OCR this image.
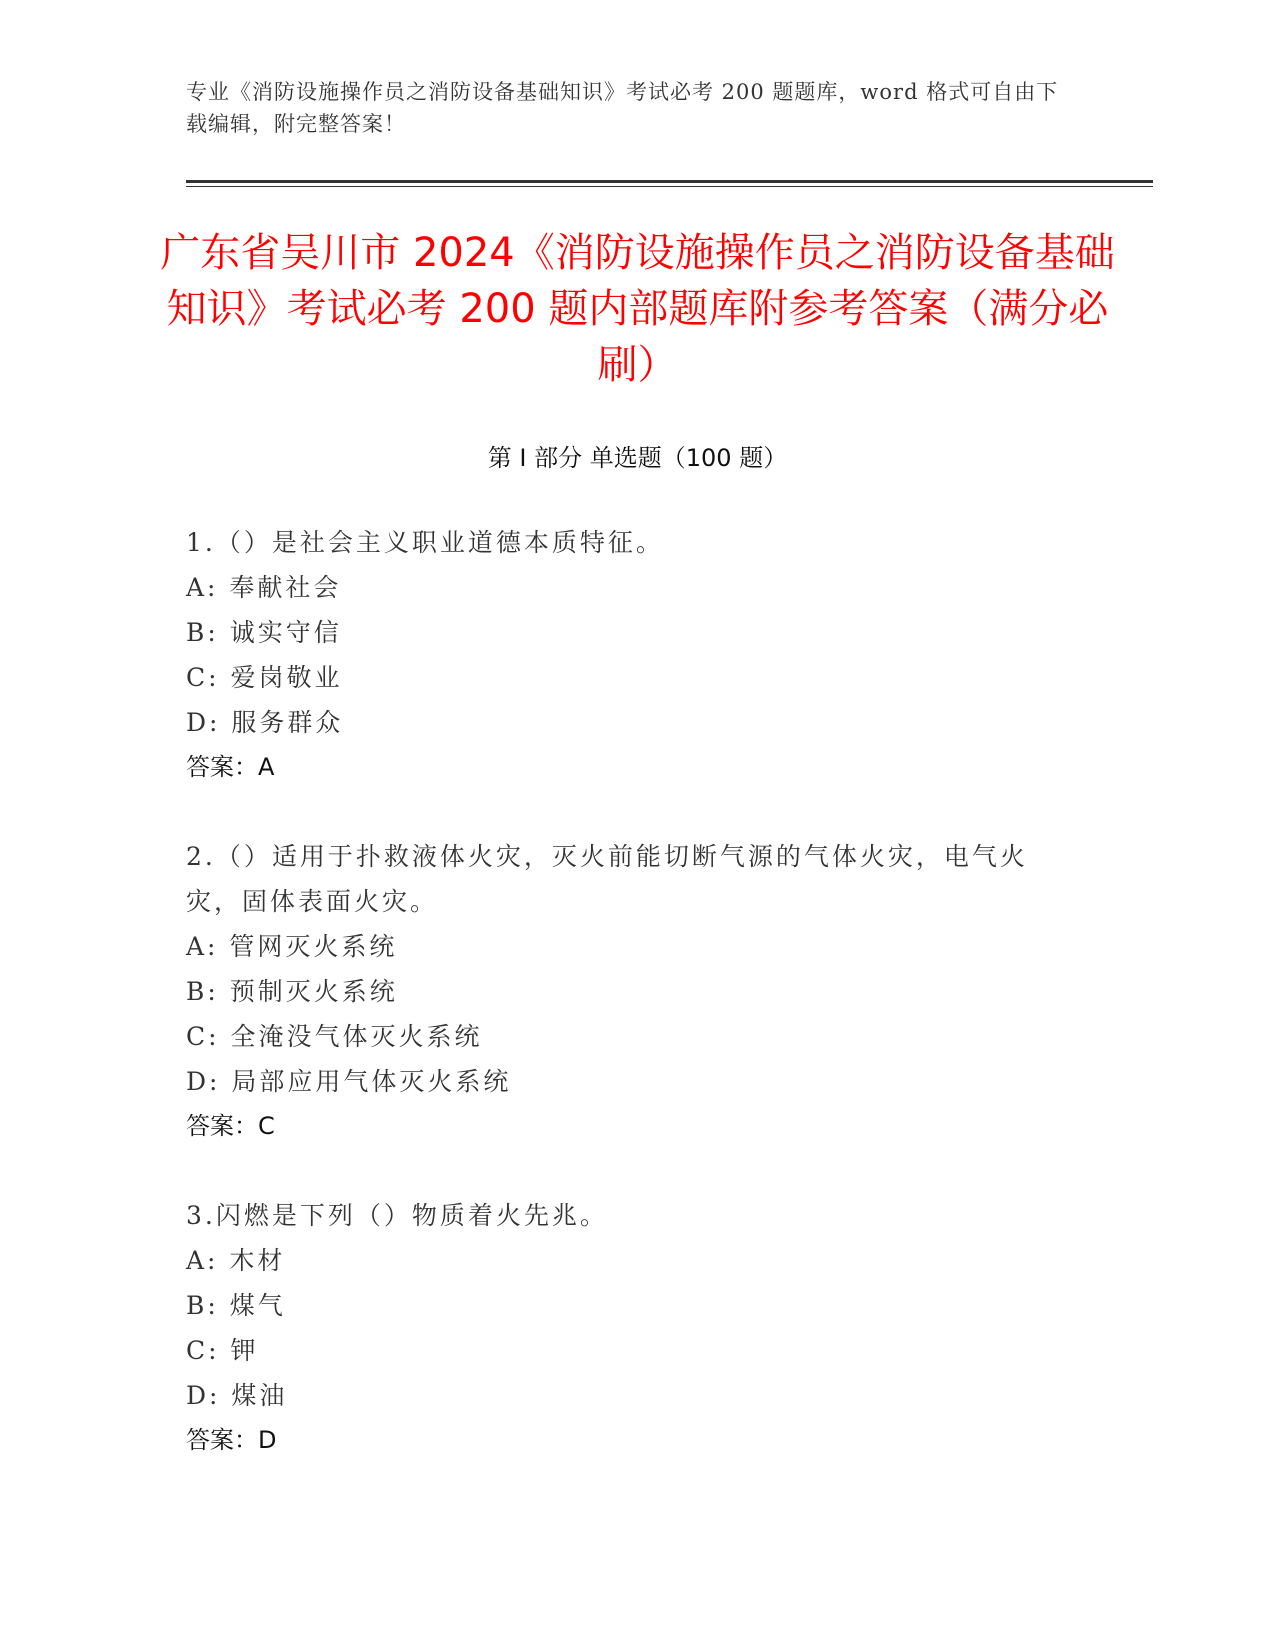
专业《消防设施操作员之消防设备基础知识》考试必考 200 题题库，word 格式可自由下载编辑，附完整答案！
广东省吴川市 2024《消防设施操作员之消防设备基础知识》考试必考 200 题内部题库附参考答案（满分必刷）
第 I 部分 单选题（100 题）
1.（）是社会主义职业道德本质特征。
A: 奉献社会
B: 诚实守信
C: 爱岗敬业
D: 服务群众
答案：A
2.（）适用于扑救液体火灾，灭火前能切断气源的气体火灾，电气火灾，固体表面火灾。
A: 管网灭火系统
B: 预制灭火系统
C: 全淹没气体灭火系统
D: 局部应用气体灭火系统
答案：C
3.闪燃是下列（）物质着火先兆。
A: 木材
B: 煤气
C: 钾
D: 煤油
答案：D
